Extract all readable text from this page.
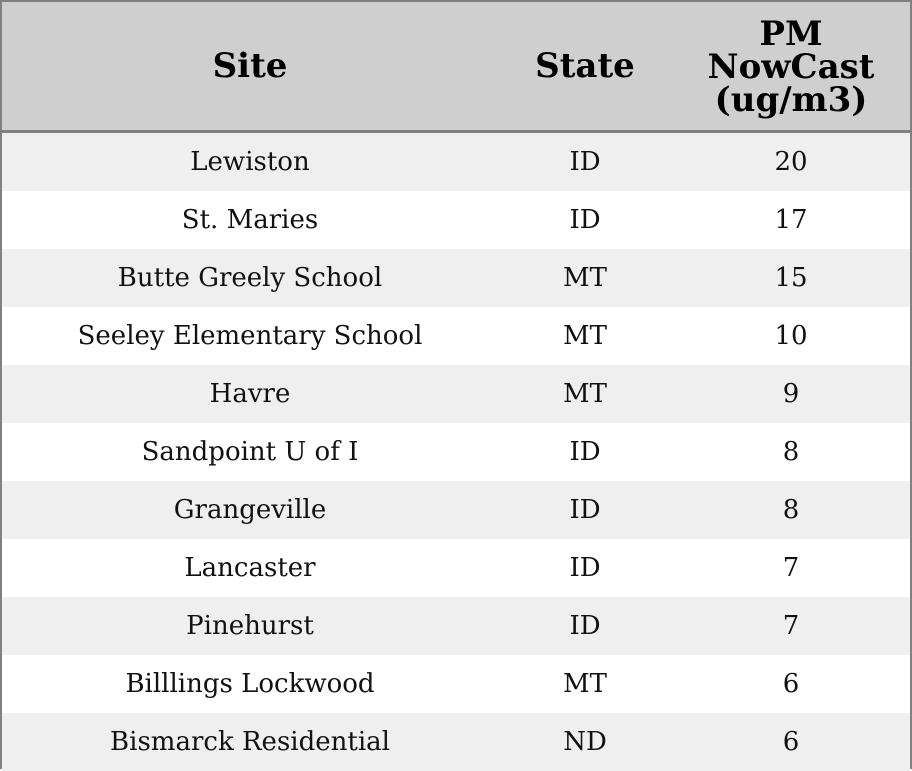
Site	State	PM
NowCast
(ug/m3)
Lewiston	ID	20
St. Maries	ID	17
Butte Greely School	MT	15
Seeley Elementary School	MT	10
Havre	MT	9
Sandpoint U of I	ID	8
Grangeville	ID	8
Lancaster	ID	7
Pinehurst	ID	7
Billlings Lockwood	MT	6
Bismarck Residential	ND	6
